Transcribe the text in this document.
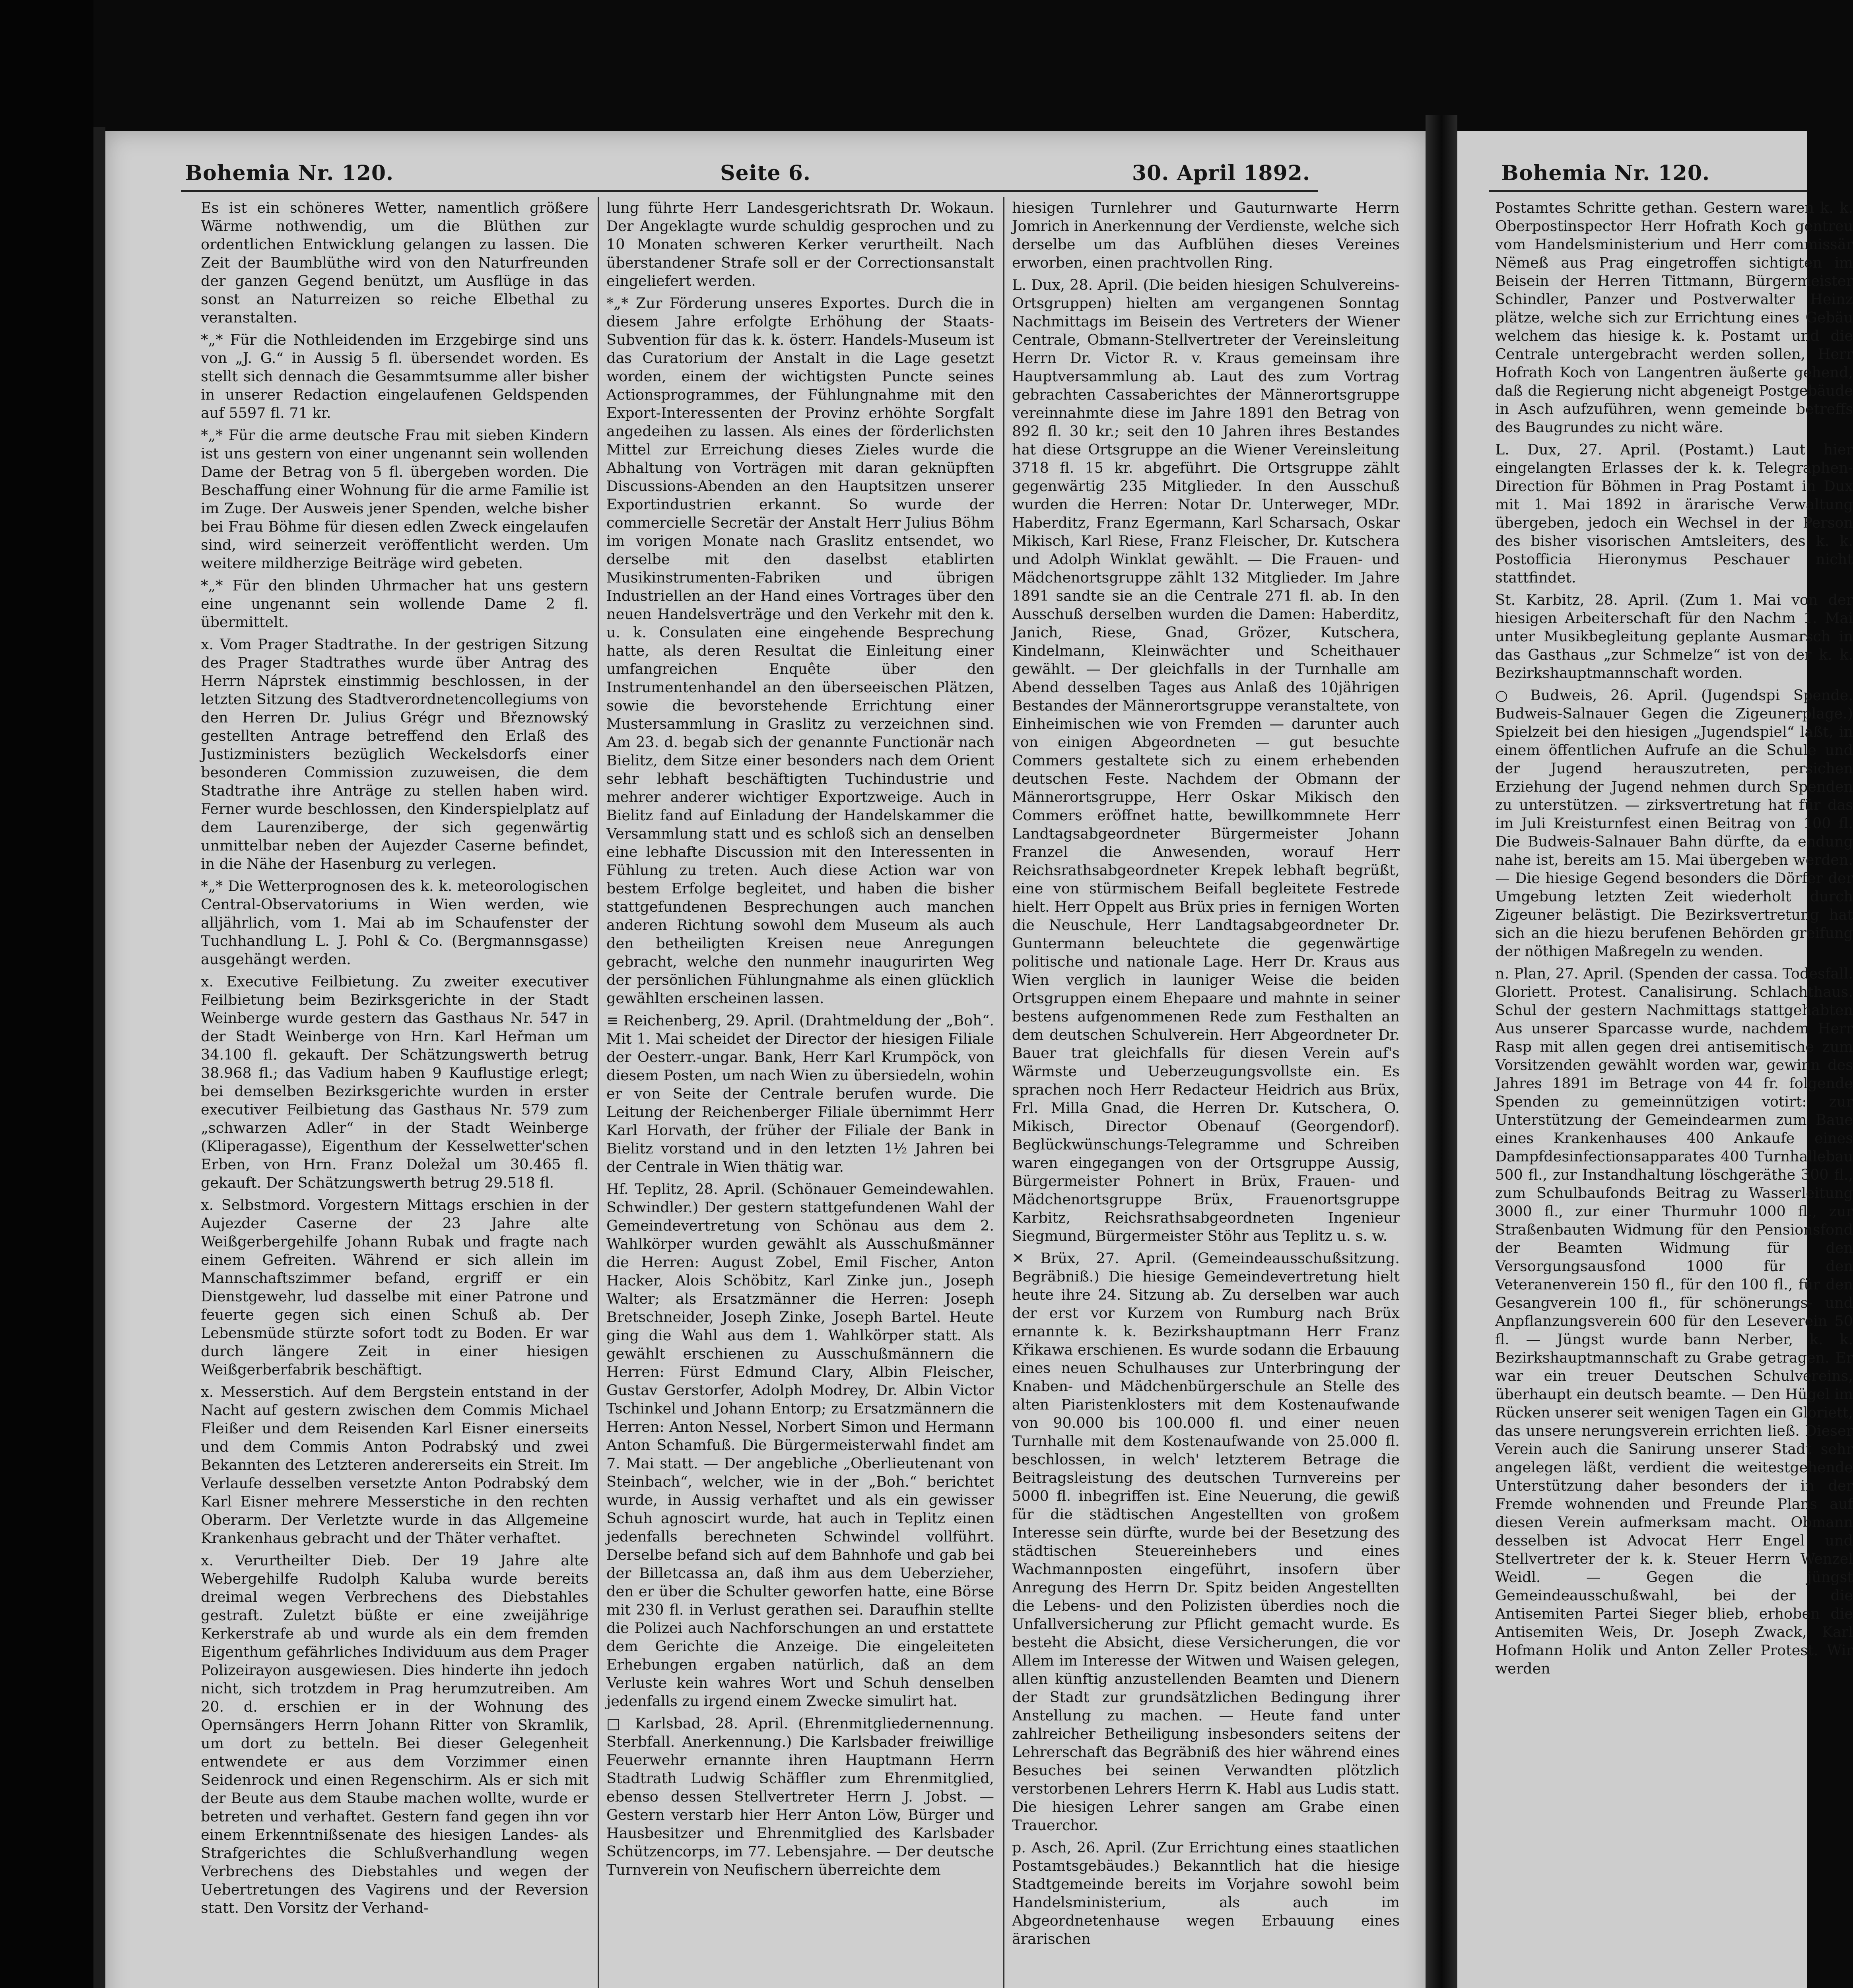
Bohemia Nr. 120.	Seite 6.	30. April 1892.

Es ist ein schöneres Wetter, namentlich größere Wärme nothwendig, um die Blüthen zur ordentlichen Entwicklung gelangen zu lassen. Die Zeit der Baumblüthe wird von den Naturfreunden der ganzen Gegend benützt, um Ausflüge in das sonst an Naturreizen so reiche Elbethal zu veranstalten.

*„* Für die Nothleidenden im Erzgebirge sind uns von „J. G.“ in Aussig 5 fl. übersendet worden. Es stellt sich dennach die Gesammtsumme aller bisher in unserer Redaction eingelaufenen Geldspenden auf 5597 fl. 71 kr.

*„* Für die arme deutsche Frau mit sieben Kindern ist uns gestern von einer ungenannt sein wollenden Dame der Betrag von 5 fl. übergeben worden. Die Beschaffung einer Wohnung für die arme Familie ist im Zuge. Der Ausweis jener Spenden, welche bisher bei Frau Böhme für diesen edlen Zweck eingelaufen sind, wird seinerzeit veröffentlicht werden. Um weitere mildherzige Beiträge wird gebeten.

*„* Für den blinden Uhrmacher hat uns gestern eine ungenannt sein wollende Dame 2 fl. übermittelt.

x. Vom Prager Stadtrathe. In der gestrigen Sitzung des Prager Stadtrathes wurde über Antrag des Herrn Náprstek einstimmig beschlossen, in der letzten Sitzung des Stadtverordnetencollegiums von den Herren Dr. Julius Grégr und Březnowský gestellten Antrage betreffend den Erlaß des Justizministers bezüglich Weckelsdorfs einer besonderen Commission zuzuweisen, die dem Stadtrathe ihre Anträge zu stellen haben wird. Ferner wurde beschlossen, den Kinderspielplatz auf dem Laurenziberge, der sich gegenwärtig unmittelbar neben der Aujezder Caserne befindet, in die Nähe der Hasenburg zu verlegen.

*„* Die Wetterprognosen des k. k. meteorologischen Central-Observatoriums in Wien werden, wie alljährlich, vom 1. Mai ab im Schaufenster der Tuchhandlung L. J. Pohl & Co. (Bergmannsgasse) ausgehängt werden.

x. Executive Feilbietung. Zu zweiter executiver Feilbietung beim Bezirksgerichte in der Stadt Weinberge wurde gestern das Gasthaus Nr. 547 in der Stadt Weinberge von Hrn. Karl Heřman um 34.100 fl. gekauft. Der Schätzungswerth betrug 38.968 fl.; das Vadium haben 9 Kauflustige erlegt; bei demselben Bezirksgerichte wurden in erster executiver Feilbietung das Gasthaus Nr. 579 zum „schwarzen Adler“ in der Stadt Weinberge (Kliperagasse), Eigenthum der Kesselwetter'schen Erben, von Hrn. Franz Doležal um 30.465 fl. gekauft. Der Schätzungswerth betrug 29.518 fl.

x. Selbstmord. Vorgestern Mittags erschien in der Aujezder Caserne der 23 Jahre alte Weißgerbergehilfe Johann Rubak und fragte nach einem Gefreiten. Während er sich allein im Mannschaftszimmer befand, ergriff er ein Dienstgewehr, lud dasselbe mit einer Patrone und feuerte gegen sich einen Schuß ab. Der Lebensmüde stürzte sofort todt zu Boden. Er war durch längere Zeit in einer hiesigen Weißgerberfabrik beschäftigt.

x. Messerstich. Auf dem Bergstein entstand in der Nacht auf gestern zwischen dem Commis Michael Fleißer und dem Reisenden Karl Eisner einerseits und dem Commis Anton Podrabský und zwei Bekannten des Letzteren andererseits ein Streit. Im Verlaufe desselben versetzte Anton Podrabský dem Karl Eisner mehrere Messerstiche in den rechten Oberarm. Der Verletzte wurde in das Allgemeine Krankenhaus gebracht und der Thäter verhaftet.

x. Verurtheilter Dieb. Der 19 Jahre alte Webergehilfe Rudolph Kaluba wurde bereits dreimal wegen Verbrechens des Diebstahles gestraft. Zuletzt büßte er eine zweijährige Kerkerstrafe ab und wurde als ein dem fremden Eigenthum gefährliches Individuum aus dem Prager Polizeirayon ausgewiesen. Dies hinderte ihn jedoch nicht, sich trotzdem in Prag herumzutreiben. Am 20. d. erschien er in der Wohnung des Opernsängers Herrn Johann Ritter von Skramlik, um dort zu betteln. Bei dieser Gelegenheit entwendete er aus dem Vorzimmer einen Seidenrock und einen Regenschirm. Als er sich mit der Beute aus dem Staube machen wollte, wurde er betreten und verhaftet. Gestern fand gegen ihn vor einem Erkenntnißsenate des hiesigen Landes- als Strafgerichtes die Schlußverhandlung wegen Verbrechens des Diebstahles und wegen der Uebertretungen des Vagirens und der Reversion statt. Den Vorsitz der Verhand-

lung führte Herr Landesgerichtsrath Dr. Wokaun. Der Angeklagte wurde schuldig gesprochen und zu 10 Monaten schweren Kerker verurtheilt. Nach überstandener Strafe soll er der Correctionsanstalt eingeliefert werden.

*„* Zur Förderung unseres Exportes. Durch die in diesem Jahre erfolgte Erhöhung der Staats-Subvention für das k. k. österr. Handels-Museum ist das Curatorium der Anstalt in die Lage gesetzt worden, einem der wichtigsten Puncte seines Actionsprogrammes, der Fühlungnahme mit den Export-Interessenten der Provinz erhöhte Sorgfalt angedeihen zu lassen. Als eines der förderlichsten Mittel zur Erreichung dieses Zieles wurde die Abhaltung von Vorträgen mit daran geknüpften Discussions-Abenden an den Hauptsitzen unserer Exportindustrien erkannt. So wurde der commercielle Secretär der Anstalt Herr Julius Böhm im vorigen Monate nach Graslitz entsendet, wo derselbe mit den daselbst etablirten Musikinstrumenten-Fabriken und übrigen Industriellen an der Hand eines Vortrages über den neuen Handelsverträge und den Verkehr mit den k. u. k. Consulaten eine eingehende Besprechung hatte, als deren Resultat die Einleitung einer umfangreichen Enquête über den Instrumentenhandel an den überseeischen Plätzen, sowie die bevorstehende Errichtung einer Mustersammlung in Graslitz zu verzeichnen sind. Am 23. d. begab sich der genannte Functionär nach Bielitz, dem Sitze einer besonders nach dem Orient sehr lebhaft beschäftigten Tuchindustrie und mehrer anderer wichtiger Exportzweige. Auch in Bielitz fand auf Einladung der Handelskammer die Versammlung statt und es schloß sich an denselben eine lebhafte Discussion mit den Interessenten in Fühlung zu treten. Auch diese Action war von bestem Erfolge begleitet, und haben die bisher stattgefundenen Besprechungen auch manchen anderen Richtung sowohl dem Museum als auch den betheiligten Kreisen neue Anregungen gebracht, welche den nunmehr inaugurirten Weg der persönlichen Fühlungnahme als einen glücklich gewählten erscheinen lassen.

≡ Reichenberg, 29. April. (Drahtmeldung der „Boh“. Mit 1. Mai scheidet der Director der hiesigen Filiale der Oesterr.-ungar. Bank, Herr Karl Krumpöck, von diesem Posten, um nach Wien zu übersiedeln, wohin er von Seite der Centrale berufen wurde. Die Leitung der Reichenberger Filiale übernimmt Herr Karl Horvath, der früher der Filiale der Bank in Bielitz vorstand und in den letzten 1½ Jahren bei der Centrale in Wien thätig war.

Hf. Teplitz, 28. April. (Schönauer Gemeindewahlen. Schwindler.) Der gestern stattgefundenen Wahl der Gemeindevertretung von Schönau aus dem 2. Wahlkörper wurden gewählt als Ausschußmänner die Herren: August Zobel, Emil Fischer, Anton Hacker, Alois Schöbitz, Karl Zinke jun., Joseph Walter; als Ersatzmänner die Herren: Joseph Bretschneider, Joseph Zinke, Joseph Bartel. Heute ging die Wahl aus dem 1. Wahlkörper statt. Als gewählt erschienen zu Ausschußmännern die Herren: Fürst Edmund Clary, Albin Fleischer, Gustav Gerstorfer, Adolph Modrey, Dr. Albin Victor Tschinkel und Johann Entorp; zu Ersatzmännern die Herren: Anton Nessel, Norbert Simon und Hermann Anton Schamfuß. Die Bürgermeisterwahl findet am 7. Mai statt. — Der angebliche „Oberlieutenant von Steinbach“, welcher, wie in der „Boh.“ berichtet wurde, in Aussig verhaftet und als ein gewisser Schuh agnoscirt wurde, hat auch in Teplitz einen jedenfalls berechneten Schwindel vollführt. Derselbe befand sich auf dem Bahnhofe und gab bei der Billetcassa an, daß ihm aus dem Ueberzieher, den er über die Schulter geworfen hatte, eine Börse mit 230 fl. in Verlust gerathen sei. Daraufhin stellte die Polizei auch Nachforschungen an und erstattete dem Gerichte die Anzeige. Die eingeleiteten Erhebungen ergaben natürlich, daß an dem Verluste kein wahres Wort und Schuh denselben jedenfalls zu irgend einem Zwecke simulirt hat.

□ Karlsbad, 28. April. (Ehrenmitgliedernennung. Sterbfall. Anerkennung.) Die Karlsbader freiwillige Feuerwehr ernannte ihren Hauptmann Herrn Stadtrath Ludwig Schäffler zum Ehrenmitglied, ebenso dessen Stellvertreter Herrn J. Jobst. — Gestern verstarb hier Herr Anton Löw, Bürger und Hausbesitzer und Ehrenmitglied des Karlsbader Schützencorps, im 77. Lebensjahre. — Der deutsche Turnverein von Neufischern überreichte dem

hiesigen Turnlehrer und Gauturnwarte Herrn Jomrich in Anerkennung der Verdienste, welche sich derselbe um das Aufblühen dieses Vereines erworben, einen prachtvollen Ring.

L. Dux, 28. April. (Die beiden hiesigen Schulvereins-Ortsgruppen) hielten am vergangenen Sonntag Nachmittags im Beisein des Vertreters der Wiener Centrale, Obmann-Stellvertreter der Vereinsleitung Herrn Dr. Victor R. v. Kraus gemeinsam ihre Hauptversammlung ab. Laut des zum Vortrag gebrachten Cassaberichtes der Männerortsgruppe vereinnahmte diese im Jahre 1891 den Betrag von 892 fl. 30 kr.; seit den 10 Jahren ihres Bestandes hat diese Ortsgruppe an die Wiener Vereinsleitung 3718 fl. 15 kr. abgeführt. Die Ortsgruppe zählt gegenwärtig 235 Mitglieder. In den Ausschuß wurden die Herren: Notar Dr. Unterweger, MDr. Haberditz, Franz Egermann, Karl Scharsach, Oskar Mikisch, Karl Riese, Franz Fleischer, Dr. Kutschera und Adolph Winklat gewählt. — Die Frauen- und Mädchenortsgruppe zählt 132 Mitglieder. Im Jahre 1891 sandte sie an die Centrale 271 fl. ab. In den Ausschuß derselben wurden die Damen: Haberditz, Janich, Riese, Gnad, Grözer, Kutschera, Kindelmann, Kleinwächter und Scheithauer gewählt. — Der gleichfalls in der Turnhalle am Abend desselben Tages aus Anlaß des 10jährigen Bestandes der Männerortsgruppe veranstaltete, von Einheimischen wie von Fremden — darunter auch von einigen Abgeordneten — gut besuchte Commers gestaltete sich zu einem erhebenden deutschen Feste. Nachdem der Obmann der Männerortsgruppe, Herr Oskar Mikisch den Commers eröffnet hatte, bewillkommnete Herr Landtagsabgeordneter Bürgermeister Johann Franzel die Anwesenden, worauf Herr Reichsrathsabgeordneter Krepek lebhaft begrüßt, eine von stürmischem Beifall begleitete Festrede hielt. Herr Oppelt aus Brüx pries in fernigen Worten die Neuschule, Herr Landtagsabgeordneter Dr. Guntermann beleuchtete die gegenwärtige politische und nationale Lage. Herr Dr. Kraus aus Wien verglich in launiger Weise die beiden Ortsgruppen einem Ehepaare und mahnte in seiner bestens aufgenommenen Rede zum Festhalten an dem deutschen Schulverein. Herr Abgeordneter Dr. Bauer trat gleichfalls für diesen Verein auf's Wärmste und Ueberzeugungsvollste ein. Es sprachen noch Herr Redacteur Heidrich aus Brüx, Frl. Milla Gnad, die Herren Dr. Kutschera, O. Mikisch, Director Obenauf (Georgendorf). Beglückwünschungs-Telegramme und Schreiben waren eingegangen von der Ortsgruppe Aussig, Bürgermeister Pohnert in Brüx, Frauen- und Mädchenortsgruppe Brüx, Frauenortsgruppe Karbitz, Reichsrathsabgeordneten Ingenieur Siegmund, Bürgermeister Stöhr aus Teplitz u. s. w.

✕ Brüx, 27. April. (Gemeindeausschußsitzung. Begräbniß.) Die hiesige Gemeindevertretung hielt heute ihre 24. Sitzung ab. Zu derselben war auch der erst vor Kurzem von Rumburg nach Brüx ernannte k. k. Bezirkshauptmann Herr Franz Křikawa erschienen. Es wurde sodann die Erbauung eines neuen Schulhauses zur Unterbringung der Knaben- und Mädchenbürgerschule an Stelle des alten Piaristenklosters mit dem Kostenaufwande von 90.000 bis 100.000 fl. und einer neuen Turnhalle mit dem Kostenaufwande von 25.000 fl. beschlossen, in welch' letzterem Betrage die Beitragsleistung des deutschen Turnvereins per 5000 fl. inbegriffen ist. Eine Neuerung, die gewiß für die städtischen Angestellten von großem Interesse sein dürfte, wurde bei der Besetzung des städtischen Steuereinhebers und eines Wachmannposten eingeführt, insofern über Anregung des Herrn Dr. Spitz beiden Angestellten die Lebens- und den Polizisten überdies noch die Unfallversicherung zur Pflicht gemacht wurde. Es besteht die Absicht, diese Versicherungen, die vor Allem im Interesse der Witwen und Waisen gelegen, allen künftig anzustellenden Beamten und Dienern der Stadt zur grundsätzlichen Bedingung ihrer Anstellung zu machen. — Heute fand unter zahlreicher Betheiligung insbesonders seitens der Lehrerschaft das Begräbniß des hier während eines Besuches bei seinen Verwandten plötzlich verstorbenen Lehrers Herrn K. Habl aus Ludis statt. Die hiesigen Lehrer sangen am Grabe einen Trauerchor.

p. Asch, 26. April. (Zur Errichtung eines staatlichen Postamtsgebäudes.) Bekanntlich hat die hiesige Stadtgemeinde bereits im Vorjahre sowohl beim Handelsministerium, als auch im Abgeordnetenhause wegen Erbauung eines ärarischen

Bohemia Nr. 120.

Postamtes Schritte gethan. Gestern waren k. k. Oberpostinspector Herr Hofrath Koch gentreu vom Handelsministerium und Herr commissär Nëmeß aus Prag eingetroffen sichtigten im Beisein der Herren Tittmann, Bürgermeister Schindler, Panzer und Postverwalter Heinz plätze, welche sich zur Errichtung eines Gebäu welchem das hiesige k. k. Postamt und die Centrale untergebracht werden sollen, Herr Hofrath Koch von Langentren äußerte gehend, daß die Regierung nicht abgeneigt Postgebäude in Asch aufzuführen, wenn gemeinde betreffs des Baugrundes zu nicht wäre.

L. Dux, 27. April. (Postamt.) Laut hier eingelangten Erlasses der k. k. Telegraphen-Direction für Böhmen in Prag Postamt in Dux mit 1. Mai 1892 in ärarische Verwaltung übergeben, jedoch ein Wechsel in der Person des bisher visorischen Amtsleiters, des k. k. Postofficia Hieronymus Peschauer nicht stattfindet.

St. Karbitz, 28. April. (Zum 1. Mai von der hiesigen Arbeiterschaft für den Nachm 1. Mai unter Musikbegleitung geplante Ausmarsch in das Gasthaus „zur Schmelze“ ist von der k. k. Bezirkshauptmannschaft worden.

○ Budweis, 26. April. (Jugendspi Spende. Budweis-Salnauer Gegen die Zigeunerplage.) Spielzeit bei den hiesigen „Jugendspiel“ laßt, in einem öffentlichen Aufrufe an die Schule und der Jugend herauszutreten, persichen Erziehung der Jugend nehmen durch Spenden zu unterstützen. — zirksvertretung hat für das im Juli Kreisturnfest einen Beitrag von 100 fl. Die Budweis-Salnauer Bahn dürfte, da endung nahe ist, bereits am 15. Mai übergeben werden. — Die hiesige Gegend besonders die Dörfer der Umgebung letzten Zeit wiederholt durch Zigeuner belästigt. Die Bezirksvertretung hat sich an die hiezu berufenen Behörden greifung der nöthigen Maßregeln zu wenden.

n. Plan, 27. April. (Spenden der cassa. Todesfall. Gloriett. Protest. Canalisirung. Schlachthaus. Schul der gestern Nachmittags stattgehabten Aus unserer Sparcasse wurde, nachdem Herr Rasp mit allen gegen drei antisemitische zum Vorsitzenden gewählt worden war, gewinn des Jahres 1891 im Betrage von 44 fr. folgende Spenden zu gemeinnützigen votirt: zur Unterstützung der Gemeindearmen zum Baue eines Krankenhauses 400 Ankaufe eines Dampfdesinfectionsapparates 400 Turnhallebau 500 fl., zur Instandhaltung löschgeräthe 300 fl., zum Schulbaufonds Beitrag zu Wasserleitung 3000 fl., zur einer Thurmuhr 1000 fl., zur Straßenbauten Widmung für den Pensionsfond der Beamten Widmung für den Versorgungsausfond 1000 für den Veteranenverein 150 fl., für den 100 fl., für den Gesangverein 100 fl., für schönerungs- und Anpflanzungsverein 600 für den Leseverein 50 fl. — Jüngst wurde bann Nerber, k. k. Bezirkshauptmannschaft zu Grabe getragen. Er war ein treuer Deutschen Schulvereins, überhaupt ein deutsch beamte. — Den Hügel im Rücken unserer seit wenigen Tagen ein Gloriett, das unsere nerungsverein errichten ließ. Dieser Verein auch die Sanirung unserer Stadt sehr angelegen läßt, verdient die weitestgehende Unterstützung daher besonders der in der Fremde wohnenden und Freunde Plans auf diesen Verein aufmerksam macht. Obmann desselben ist Advocat Herr Engel und Stellvertreter der k. k. Steuer Herrn Wenzel Weidl. — Gegen die jüngst Gemeindeausschußwahl, bei der die Antisemiten Partei Sieger blieb, erhoben die Antisemiten Weis, Dr. Joseph Zwack, Karl Hofmann Holik und Anton Zeller Protest. Wir werden
